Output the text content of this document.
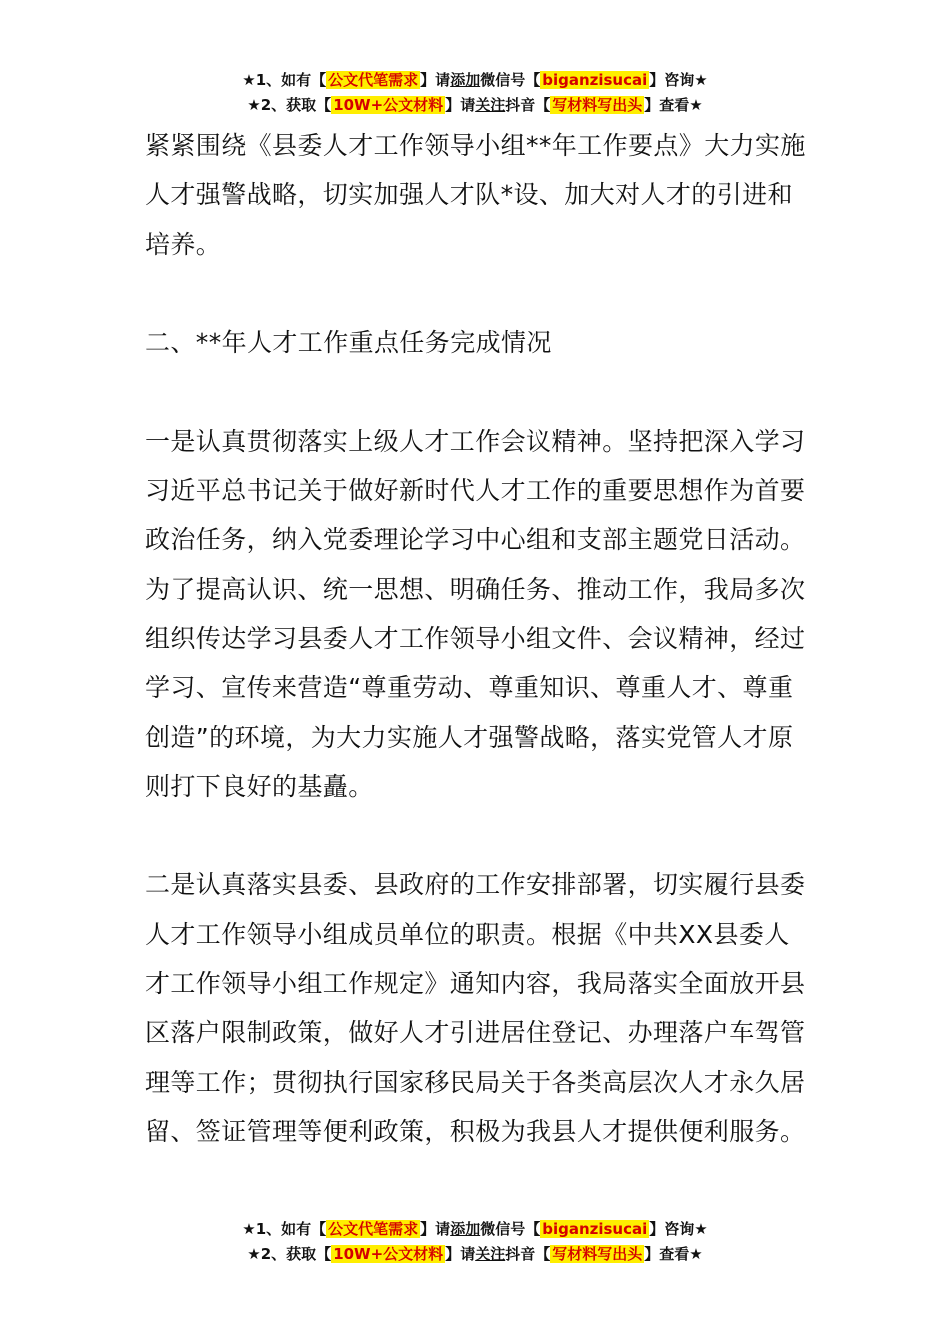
★1、如有【 公文代笔需求 】请添加微信号【 biganzisucai 】咨询★
★2、获取【 10W+公文材料 】请关注抖音【 写材料写出头 】查看★

紧紧围绕《县委人才工作领导小组**年工作要点》大力实施人才强警战略，切实加强人才队*设、加大对人才的引进和培养。

二、**年人才工作重点任务完成情况

一是认真贯彻落实上级人才工作会议精神。坚持把深入学习习近平总书记关于做好新时代人才工作的重要思想作为首要政治任务，纳入党委理论学习中心组和支部主题党日活动。为了提高认识、统一思想、明确任务、推动工作，我局多次组织传达学习县委人才工作领导小组文件、会议精神，经过学习、宣传来营造“尊重劳动、尊重知识、尊重人才、尊重创造”的环境，为大力实施人才强警战略，落实党管人才原则打下良好的基矗。

二是认真落实县委、县政府的工作安排部署，切实履行县委人才工作领导小组成员单位的职责。根据《中共XX县委人才工作领导小组工作规定》通知内容，我局落实全面放开县区落户限制政策，做好人才引进居住登记、办理落户车驾管理等工作；贯彻执行国家移民局关于各类高层次人才永久居留、签证管理等便利政策，积极为我县人才提供便利服务。

★1、如有【 公文代笔需求 】请添加微信号【 biganzisucai 】咨询★
★2、获取【 10W+公文材料 】请关注抖音【 写材料写出头 】查看★
